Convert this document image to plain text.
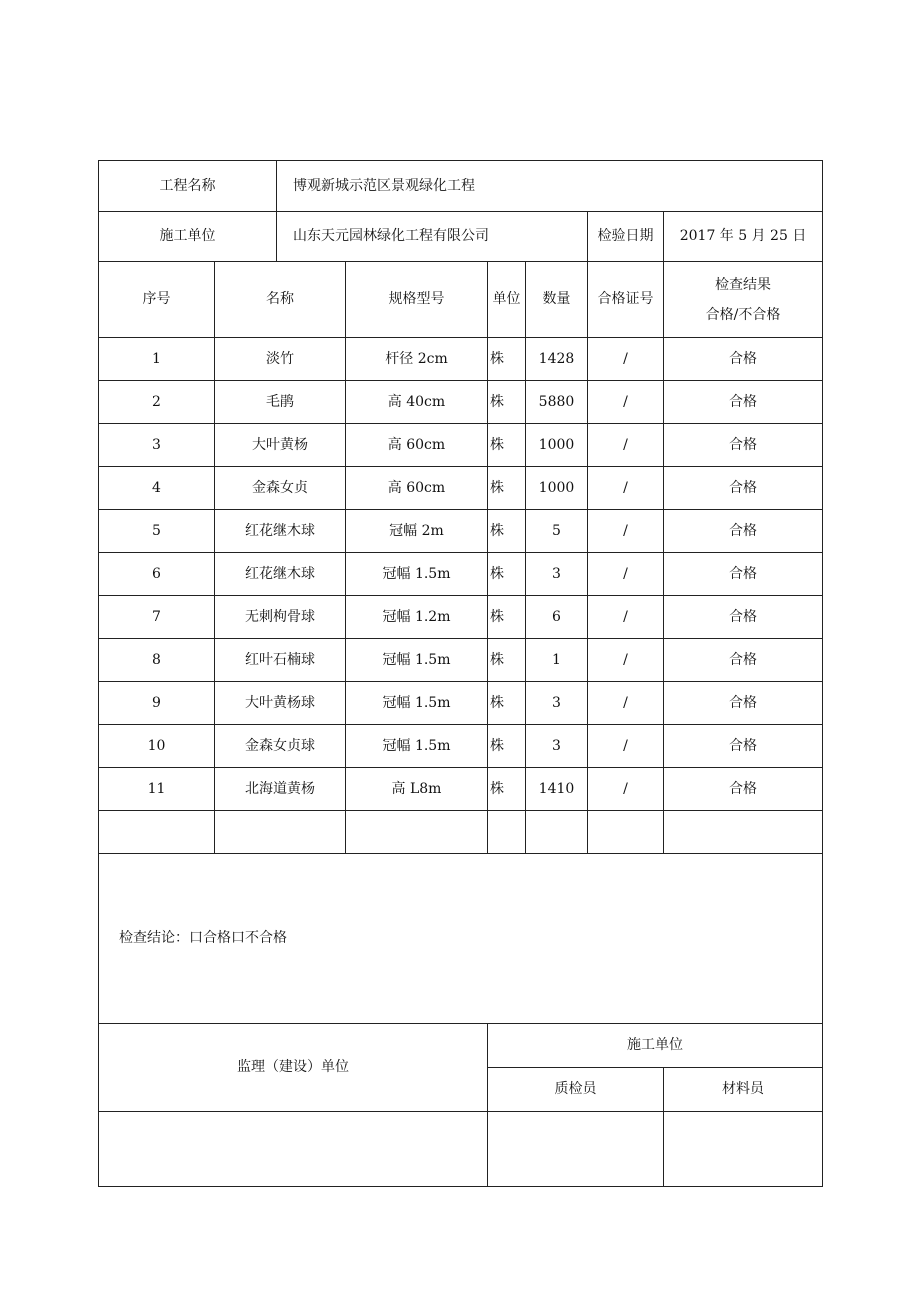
工程名称		博观新城示范区景观绿化工程					
施工单位		山东天元园林绿化工程有限公司				检验日期	2017 年 5 月 25 日
序号	名称		规格型号	单位	数量	合格证号	检查结果
合格/不合格

1	淡竹		杆径 2cm	株	1428	/	合格
2	毛鹃		高 40cm	株	5880	/	合格
3	大叶黄杨		高 60cm	株	1000	/	合格
4	金森女贞		高 60cm	株	1000	/	合格
5	红花继木球		冠幅 2m	株	5	/	合格
6	红花继木球		冠幅 1.5m	株	3	/	合格
7	无刺枸骨球		冠幅 1.2m	株	6	/	合格
8	红叶石楠球		冠幅 1.5m	株	1	/	合格
9	大叶黄杨球		冠幅 1.5m	株	3	/	合格
10	金森女贞球		冠幅 1.5m	株	3	/	合格
11	北海道黄杨		高 L8m	株	1410	/	合格

检查结论：口合格口不合格							
监理（建设）单位				施工单位			
				质检员			材料员
